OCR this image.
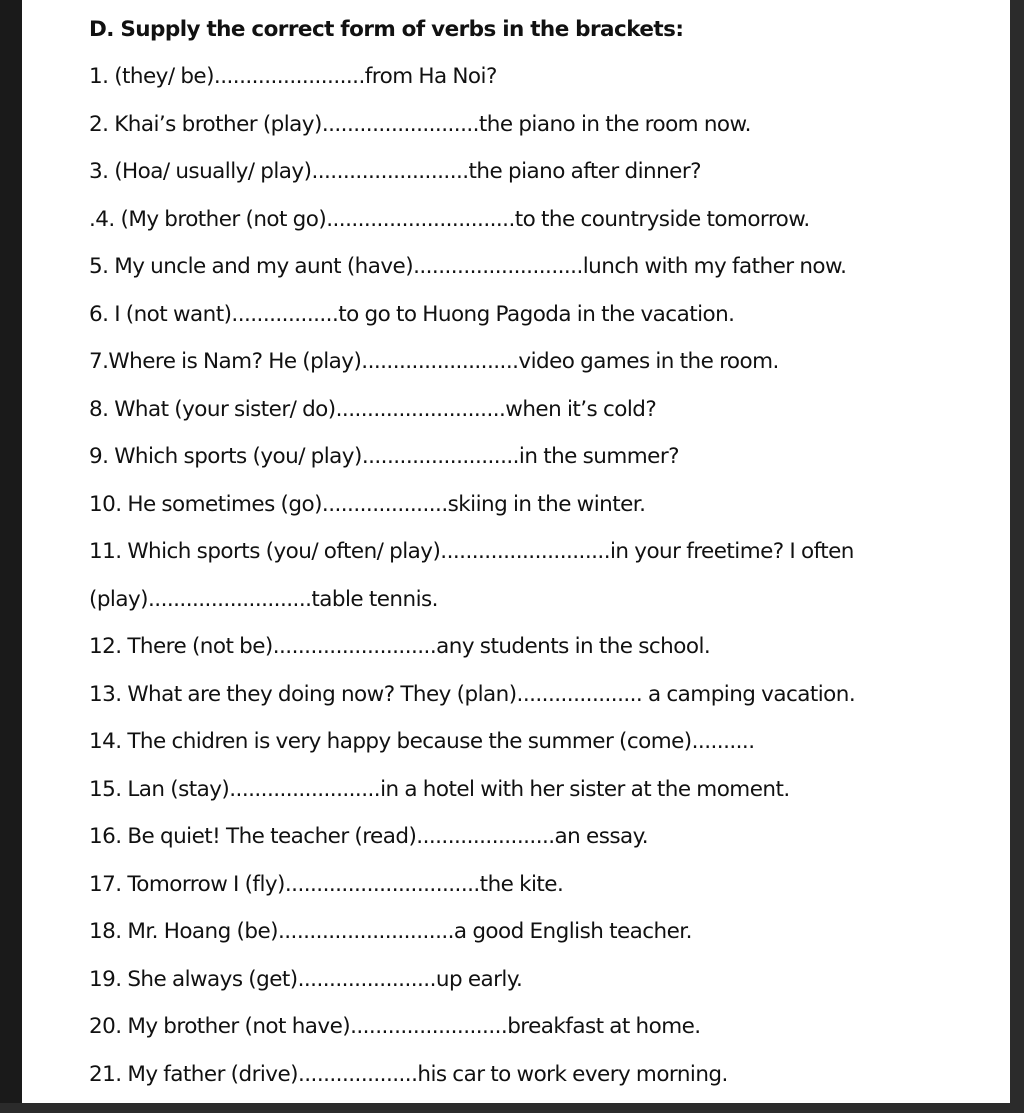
D. Supply the correct form of verbs in the brackets:
1. (they/ be)........................from Ha Noi?
2. Khai’s brother (play).........................the piano in the room now.
3. (Hoa/ usually/ play).........................the piano after dinner?
.4. (My brother (not go)..............................to the countryside tomorrow.
5. My uncle and my aunt (have)...........................lunch with my father now.
6. I (not want).................to go to Huong Pagoda in the vacation.
7.Where is Nam? He (play).........................video games in the room.
8. What (your sister/ do)...........................when it’s cold?
9. Which sports (you/ play).........................in the summer?
10. He sometimes (go)....................skiing in the winter.
11. Which sports (you/ often/ play)...........................in your freetime? I often
(play)..........................table tennis.
12. There (not be)..........................any students in the school.
13. What are they doing now? They (plan).................... a camping vacation.
14. The chidren is very happy because the summer (come)..........
15. Lan (stay)........................in a hotel with her sister at the moment.
16. Be quiet! The teacher (read)......................an essay.
17. Tomorrow I (fly)...............................the kite.
18. Mr. Hoang (be)............................a good English teacher.
19. She always (get)......................up early.
20. My brother (not have).........................breakfast at home.
21. My father (drive)...................his car to work every morning.
